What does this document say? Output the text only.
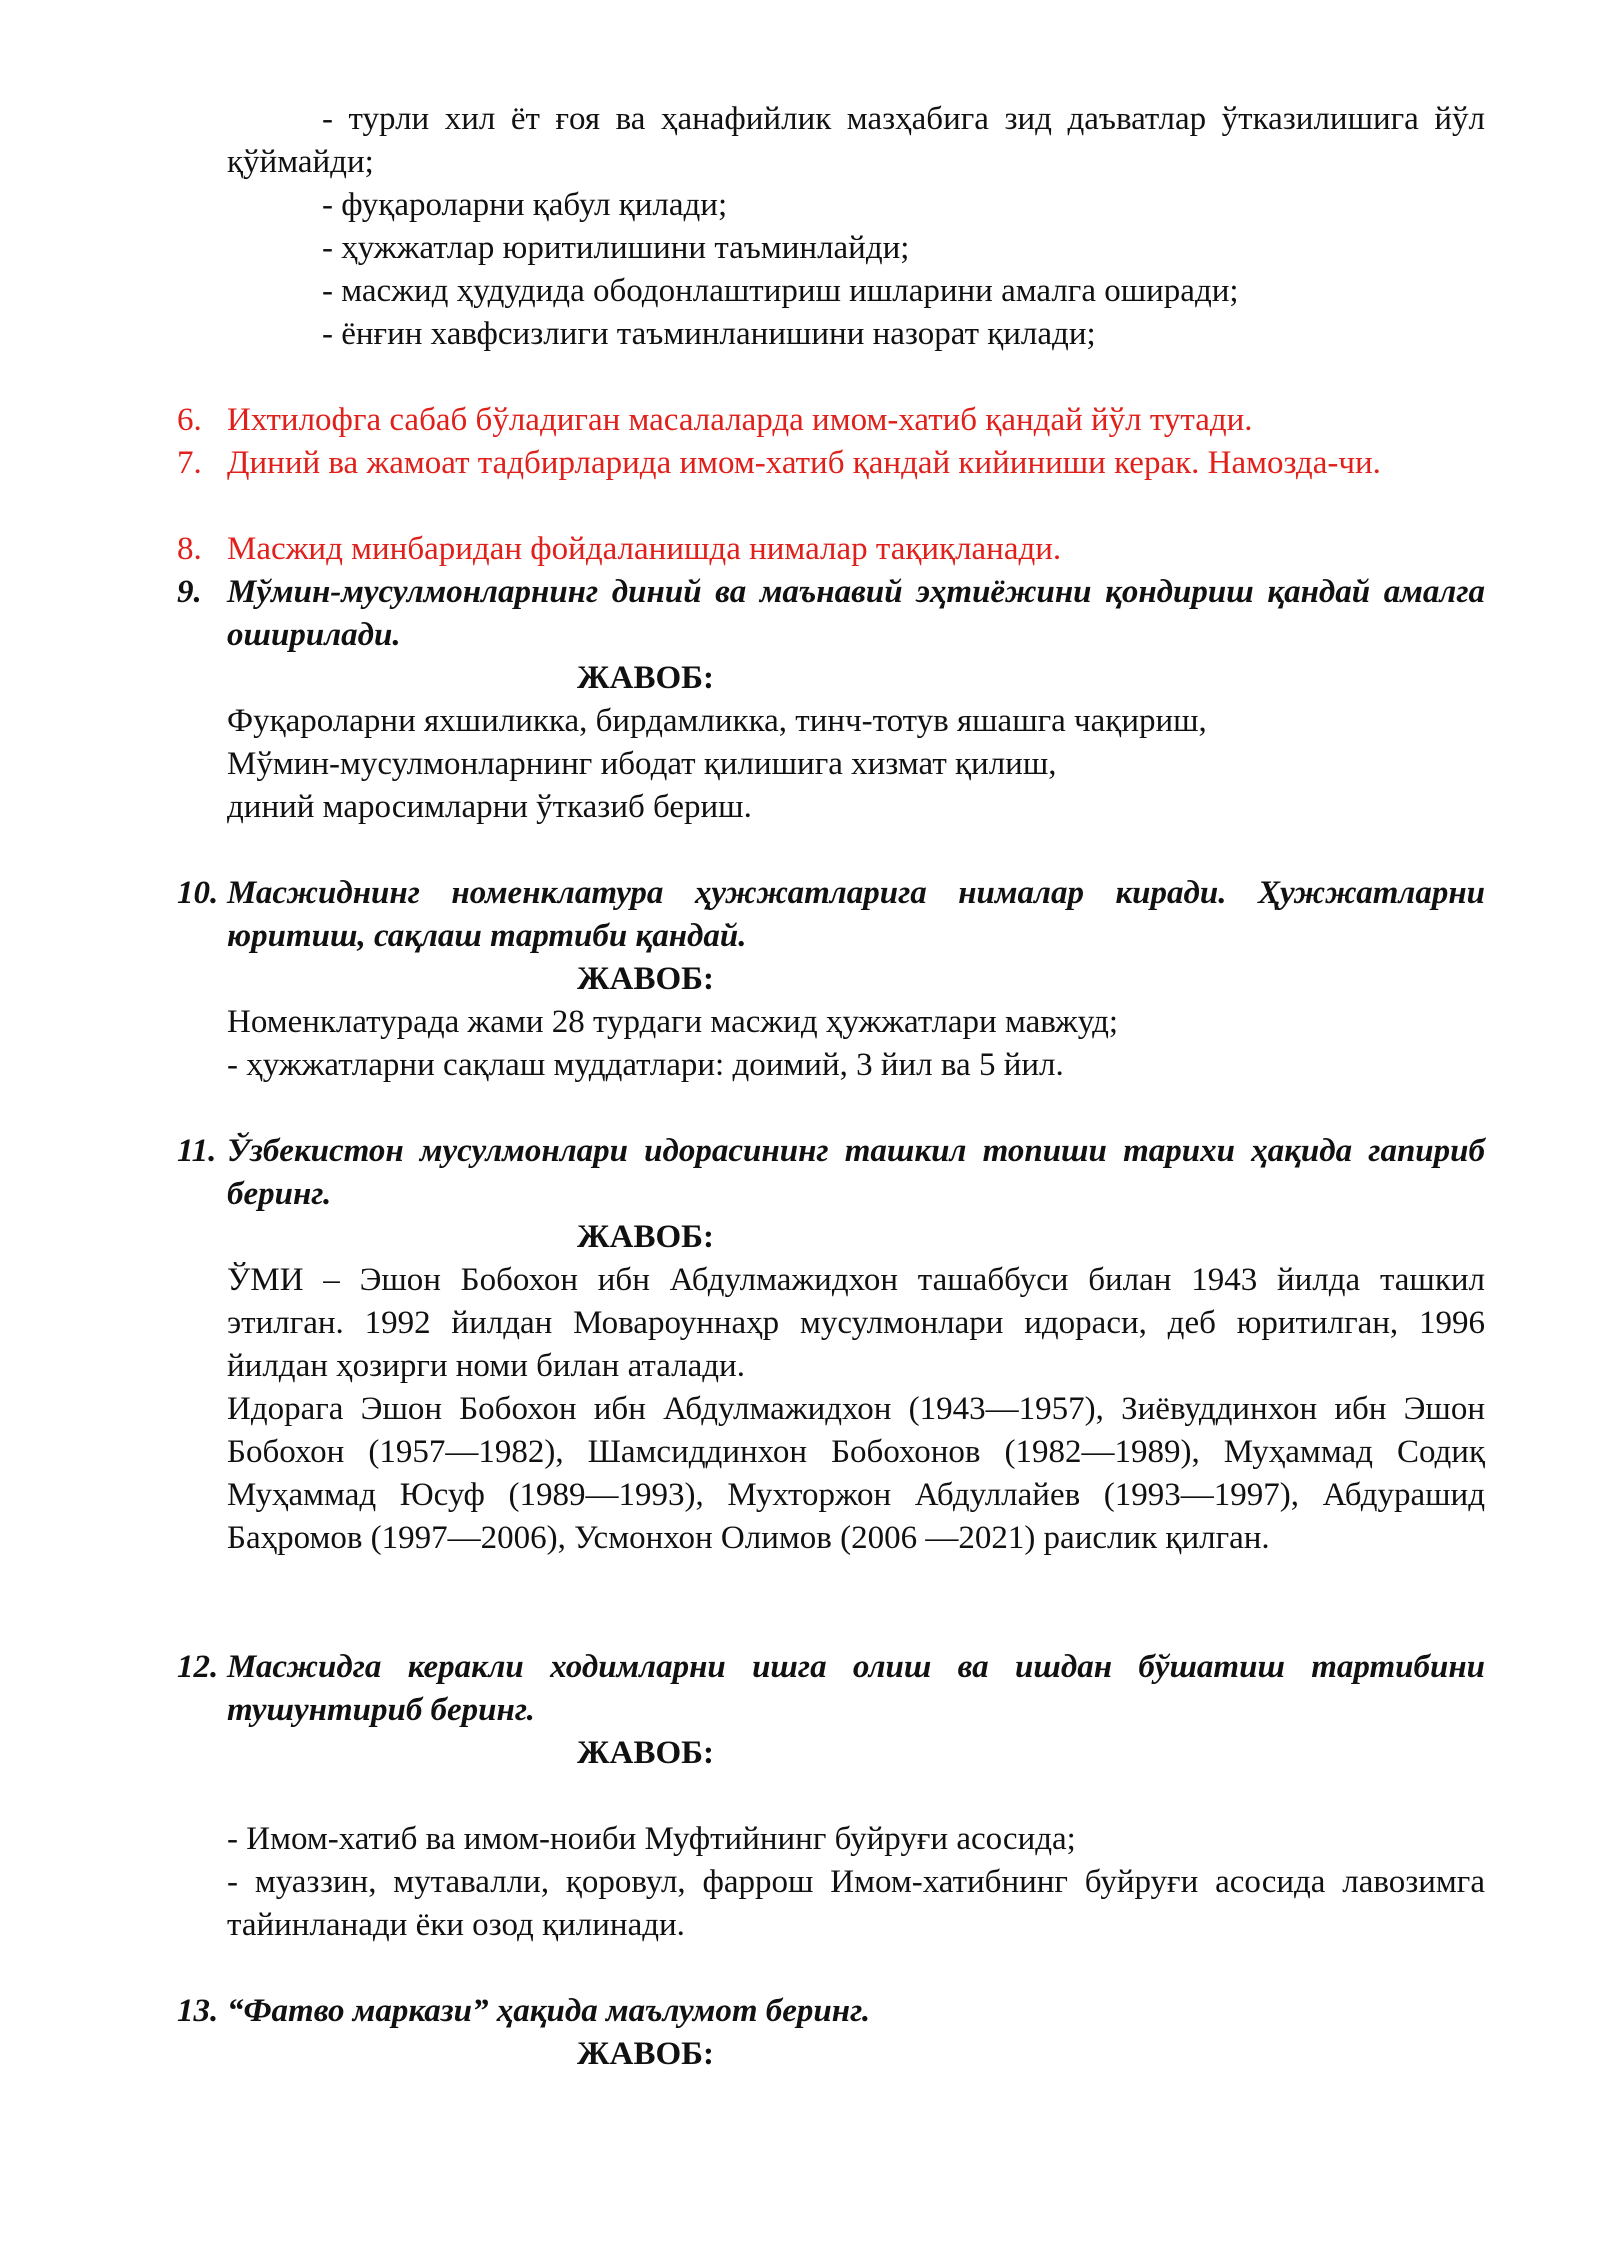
- турли хил ёт ғоя ва ҳанафийлик мазҳабига зид даъватлар ўтказилишига йўл қўймайди;

- фуқароларни қабул қилади;

- ҳужжатлар юритилишини таъминлайди;

- масжид ҳудудида ободонлаштириш ишларини амалга оширади;

- ёнғин хавфсизлиги таъминланишини назорат қилади;

6. Ихтилофга сабаб бўладиган масалаларда имом-хатиб қандай йўл тутади.
7. Диний ва жамоат тадбирларида имом-хатиб қандай кийиниши керак. Намозда-чи.
8. Масжид минбаридан фойдаланишда нималар тақиқланади.
9. Мўмин-мусулмонларнинг диний ва маънавий эҳтиёжини қондириш қандай амалга оширилади.

ЖАВОБ:

Фуқароларни яхшиликка, бирдамликка, тинч-тотув яшашга чақириш,

Мўмин-мусулмонларнинг ибодат қилишига хизмат қилиш,

диний маросимларни ўтказиб бериш.

10. Масжиднинг номенклатура ҳужжатларига нималар киради. Ҳужжатларни юритиш, сақлаш тартиби қандай.

ЖАВОБ:

Номенклатурада жами 28 турдаги масжид ҳужжатлари мавжуд;

- ҳужжатларни сақлаш муддатлари: доимий, 3 йил ва 5 йил.

11. Ўзбекистон мусулмонлари идорасининг ташкил топиши тарихи ҳақида гапириб беринг.

ЖАВОБ:

ЎМИ – Эшон Бобохон ибн Абдулмажидхон ташаббуси билан 1943 йилда ташкил этилган. 1992 йилдан Мовароуннаҳр мусулмонлари идораси, деб юритилган, 1996 йилдан ҳозирги номи билан аталади.

Идорага Эшон Бобохон ибн Абдулмажидхон (1943—1957), Зиёвуддинхон ибн Эшон Бобохон (1957—1982), Шамсиддинхон Бобохонов (1982—1989), Муҳаммад Содиқ Муҳаммад Юсуф (1989—1993), Мухторжон Абдуллайев (1993—1997), Абдурашид Баҳромов (1997—2006), Усмонхон Олимов (2006 —2021) раислик қилган.

12. Масжидга керакли ходимларни ишга олиш ва ишдан бўшатиш тартибини тушунтириб беринг.

ЖАВОБ:

- Имом-хатиб ва имом-ноиби Муфтийнинг буйруғи асосида;

- муаззин, мутавалли, қоровул, фаррош Имом-хатибнинг буйруғи асосида лавозимга тайинланади ёки озод қилинади.

13. “Фатво маркази” ҳақида маълумот беринг.

ЖАВОБ:
